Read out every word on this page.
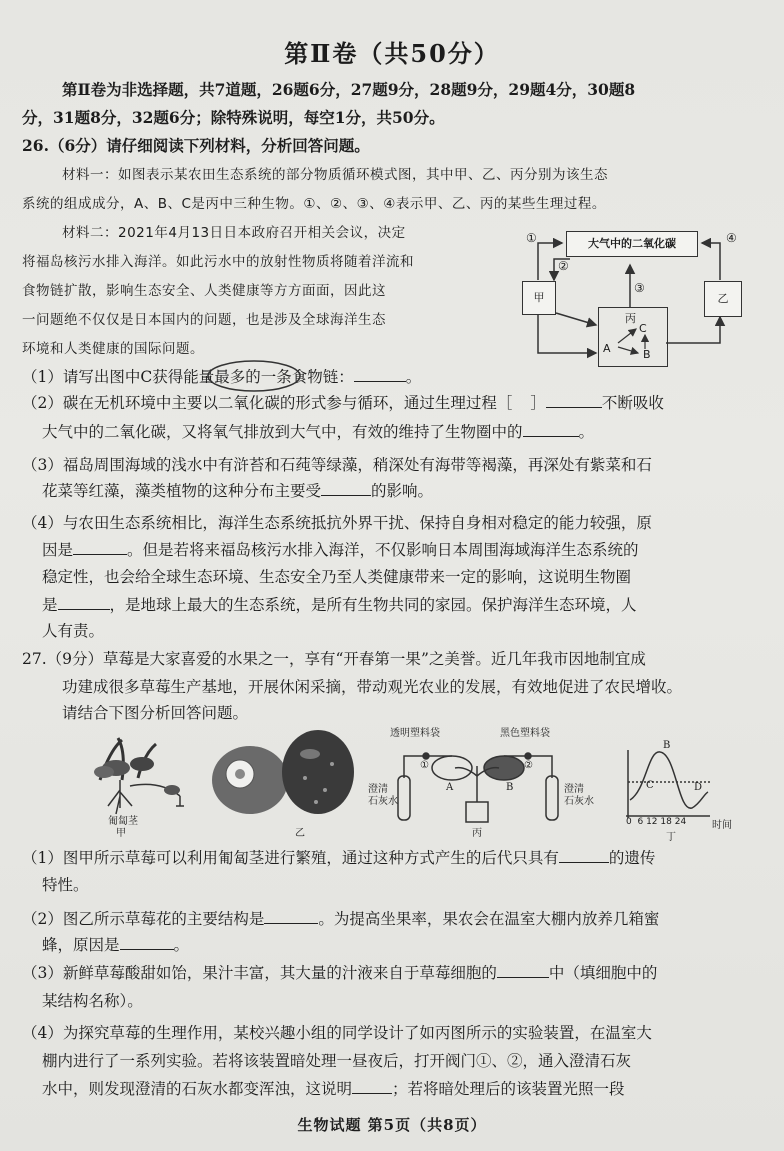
第Ⅱ卷（共50分）
第Ⅱ卷为非选择题，共7道题，26题6分，27题9分，28题9分，29题4分，30题8
分，31题8分，32题6分；除特殊说明，每空1分，共50分。
26.（6分）请仔细阅读下列材料，分析回答问题。
材料一：如图表示某农田生态系统的部分物质循环模式图，其中甲、乙、丙分别为该生态
系统的组成成分，A、B、C是丙中三种生物。①、②、③、④表示甲、乙、丙的某些生理过程。
材料二：2021年4月13日日本政府召开相关会议，决定
将福岛核污水排入海洋。如此污水中的放射性物质将随着洋流和
食物链扩散，影响生态安全、人类健康等方方面面，因此这
一问题绝不仅仅是日本国内的问题，也是涉及全球海洋生态
环境和人类健康的国际问题。
大气中的二氧化碳
甲	乙
丙
A
C
B
①
②
③
④
（1）请写出图中C获得能量最多的一条食物链：	。
（2）碳在无机环境中主要以二氧化碳的形式参与循环，通过生理过程［ ］	不断吸收
大气中的二氧化碳，又将氧气排放到大气中，有效的维持了生物圈中的	。
（3）福岛周围海域的浅水中有浒苔和石莼等绿藻，稍深处有海带等褐藻，再深处有紫菜和石
花菜等红藻，藻类植物的这种分布主要受	的影响。
（4）与农田生态系统相比，海洋生态系统抵抗外界干扰、保持自身相对稳定的能力较强，原
因是	。但是若将来福岛核污水排入海洋，不仅影响日本周围海域海洋生态系统的
稳定性，也会给全球生态环境、生态安全乃至人类健康带来一定的影响，这说明生物圈
是	，是地球上最大的生态系统，是所有生物共同的家园。保护海洋生态环境，人
人有责。
27.（9分）草莓是大家喜爱的水果之一，享有“开春第一果”之美誉。近几年我市因地制宜成
功建成很多草莓生产基地，开展休闲采摘，带动观光农业的发展，有效地促进了农民增收。
请结合下图分析回答问题。
匍匐茎
甲	乙	丙
透明塑料袋	黑色塑料袋
澄清
石灰水
澄清
石灰水
①	②
A	B
B
C	D
0 6 12 18 24	时间
丁
（1）图甲所示草莓可以利用匍匐茎进行繁殖，通过这种方式产生的后代只具有	的遗传
特性。
（2）图乙所示草莓花的主要结构是	。为提高坐果率，果农会在温室大棚内放养几箱蜜
蜂，原因是	。
（3）新鲜草莓酸甜如饴，果汁丰富，其大量的汁液来自于草莓细胞的	中（填细胞中的
某结构名称）。
（4）为探究草莓的生理作用，某校兴趣小组的同学设计了如丙图所示的实验装置，在温室大
棚内进行了一系列实验。若将该装置暗处理一昼夜后，打开阀门①、②，通入澄清石灰
水中，则发现澄清的石灰水都变浑浊，这说明	；若将暗处理后的该装置光照一段
生物试题 第5页（共8页）
